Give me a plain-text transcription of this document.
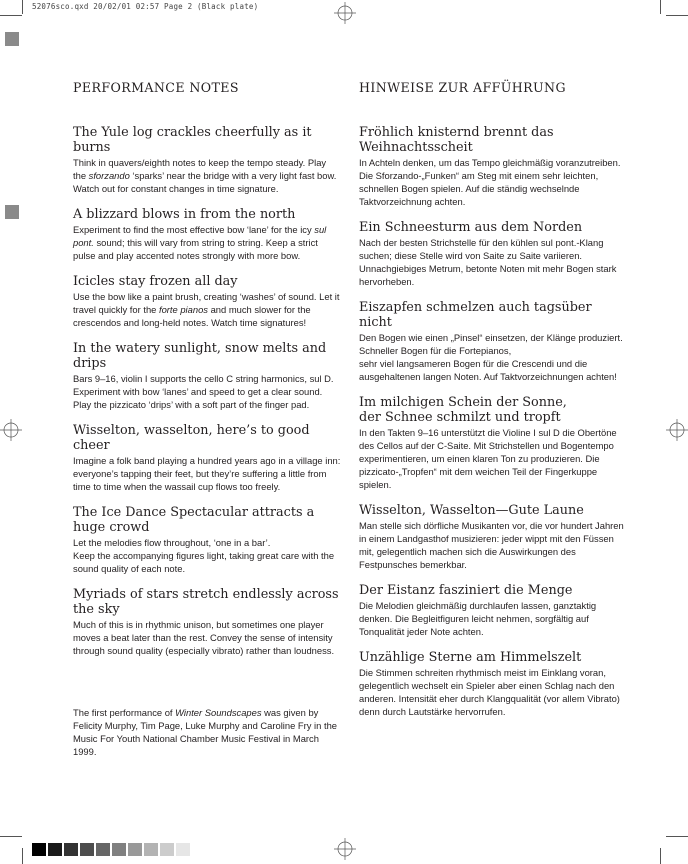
52076sco.qxd 20/02/01 02:57 Page 2 (Black plate)
PERFORMANCE NOTES
The Yule log crackles cheerfully as it burns

Think in quavers/eighth notes to keep the tempo steady. Play the sforzando ‘sparks’ near the bridge with a very light fast bow. Watch out for constant changes in time signature.

A blizzard blows in from the north

Experiment to find the most effective bow ‘lane’ for the icy sul pont. sound; this will vary from string to string. Keep a strict pulse and play accented notes strongly with more bow.

Icicles stay frozen all day

Use the bow like a paint brush, creating ‘washes’ of sound. Let it travel quickly for the forte pianos and much slower for the crescendos and long-held notes. Watch time signatures!

In the watery sunlight, snow melts and drips

Bars 9–16, violin I supports the cello C string harmonics, sul D. Experiment with bow ‘lanes’ and speed to get a clear sound. Play the pizzicato ‘drips’ with a soft part of the finger pad.

Wisselton, wasselton, here’s to good cheer

Imagine a folk band playing a hundred years ago in a village inn: everyone’s tapping their feet, but they’re suffering a little from time to time when the wassail cup flows too freely.

The Ice Dance Spectacular attracts a huge crowd

Let the melodies flow throughout, ‘one in a bar’.
Keep the accompanying figures light, taking great care with the sound quality of each note.

Myriads of stars stretch endlessly across the sky

Much of this is in rhythmic unison, but sometimes one player moves a beat later than the rest. Convey the sense of intensity through sound quality (especially vibrato) rather than loudness.

The first performance of Winter Soundscapes was given by Felicity Murphy, Tim Page, Luke Murphy and Caroline Fry in the Music For Youth National Chamber Music Festival in March 1999.

HINWEISE ZUR AFFÜHRUNG
Fröhlich knisternd brennt das Weihnachtsscheit

In Achteln denken, um das Tempo gleichmäßig voranzutreiben. Die Sforzando-„Funken“ am Steg mit einem sehr leichten, schnellen Bogen spielen. Auf die ständig wechselnde Taktvorzeichnung achten.

Ein Schneesturm aus dem Norden

Nach der besten Strichstelle für den kühlen sul pont.-Klang suchen; diese Stelle wird von Saite zu Saite variieren. Unnachgiebiges Metrum, betonte Noten mit mehr Bogen stark hervorheben.

Eiszapfen schmelzen auch tagsüber nicht

Den Bogen wie einen „Pinsel“ einsetzen, der Klänge produziert. Schneller Bogen für die Fortepianos,
sehr viel langsameren Bogen für die Crescendi und die ausgehaltenen langen Noten. Auf Taktvorzeichnungen achten!

Im milchigen Schein der Sonne,
der Schnee schmilzt und tropft

In den Takten 9–16 unterstützt die Violine I sul D die Obertöne des Cellos auf der C-Saite. Mit Strichstellen und Bogentempo experimentieren, um einen klaren Ton zu produzieren. Die pizzicato-„Tropfen“ mit dem weichen Teil der Fingerkuppe spielen.

Wisselton, Wasselton—Gute Laune

Man stelle sich dörfliche Musikanten vor, die vor hundert Jahren in einem Landgasthof musizieren: jeder wippt mit den Füssen mit, gelegentlich machen sich die Auswirkungen des Festpunsches bemerkbar.

Der Eistanz fasziniert die Menge

Die Melodien gleichmäßig durchlaufen lassen, ganztaktig denken. Die Begleitfiguren leicht nehmen, sorgfältig auf Tonqualität jeder Note achten.

Unzählige Sterne am Himmelszelt

Die Stimmen schreiten rhythmisch meist im Einklang voran, gelegentlich wechselt ein Spieler aber einen Schlag nach den anderen. Intensität eher durch Klangqualität (vor allem Vibrato) denn durch Lautstärke hervorrufen.
